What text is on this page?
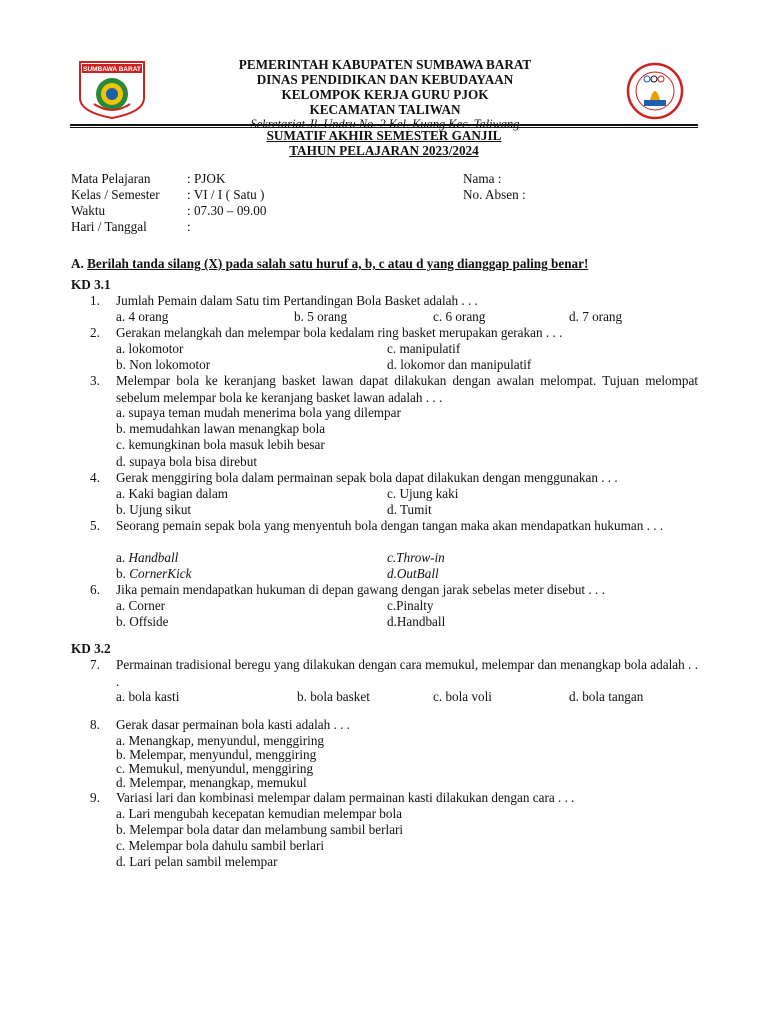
SUMBAWA BARAT	PEMERINTAH KABUPATEN SUMBAWA BARAT
DINAS PENDIDIKAN DAN KEBUDAYAAN
KELOMPOK KERJA GURU PJOK
KECAMATAN TALIWAN
Sekretariat Jl. Undru No. 2 Kel. Kuang Kec. Taliwang
SUMATIF AKHIR SEMESTER GANJIL
TAHUN PELAJARAN 2023/2024
Mata Pelajaran	: PJOK
Kelas / Semester : VI / I ( Satu )
Waktu	: 07.30 – 09.00
Hari / Tanggal	:
Nama :
No. Absen :
A. Berilah tanda silang (X) pada salah satu huruf a, b, c atau d yang dianggap paling benar!
KD 3.1
1. Jumlah Pemain dalam Satu tim Pertandingan Bola Basket adalah . . .
a. 4 orang	b. 5 orang	c. 6 orang	d. 7 orang
2. Gerakan melangkah dan melempar bola kedalam ring basket merupakan gerakan . . .
a. lokomotor	c. manipulatif
b. Non lokomotor	d. lokomor dan manipulatif
3. Melempar bola ke keranjang basket lawan dapat dilakukan dengan awalan melompat. Tujuan melompat sebelum melempar bola ke keranjang basket lawan adalah . . .
a. supaya teman mudah menerima bola yang dilempar
b. memudahkan lawan menangkap bola
c. kemungkinan bola masuk lebih besar
d. supaya bola bisa direbut
4. Gerak menggiring bola dalam permainan sepak bola dapat dilakukan dengan menggunakan . . .
a. Kaki bagian dalam	c. Ujung kaki
b. Ujung sikut	d. Tumit
5. Seorang pemain sepak bola yang menyentuh bola dengan tangan maka akan mendapatkan hukuman . . .
a. Handball	c.Throw-in
b. CornerKick	d.OutBall
6. Jika pemain mendapatkan hukuman di depan gawang dengan jarak sebelas meter disebut . . .
a. Corner	c.Pinalty
b. Offside	d.Handball
KD 3.2
7. Permainan tradisional beregu yang dilakukan dengan cara memukul, melempar dan menangkap bola adalah . . .
a. bola kasti	b. bola basket	c. bola voli	d. bola tangan
8. Gerak dasar permainan bola kasti adalah . . .
a. Menangkap, menyundul, menggiring
b. Melempar, menyundul, menggiring
c. Memukul, menyundul, menggiring
d. Melempar, menangkap, memukul
9. Variasi lari dan kombinasi melempar dalam permainan kasti dilakukan dengan cara . . .
a. Lari mengubah kecepatan kemudian melempar bola
b. Melempar bola datar dan melambung sambil berlari
c. Melempar bola dahulu sambil berlari
d. Lari pelan sambil melempar
